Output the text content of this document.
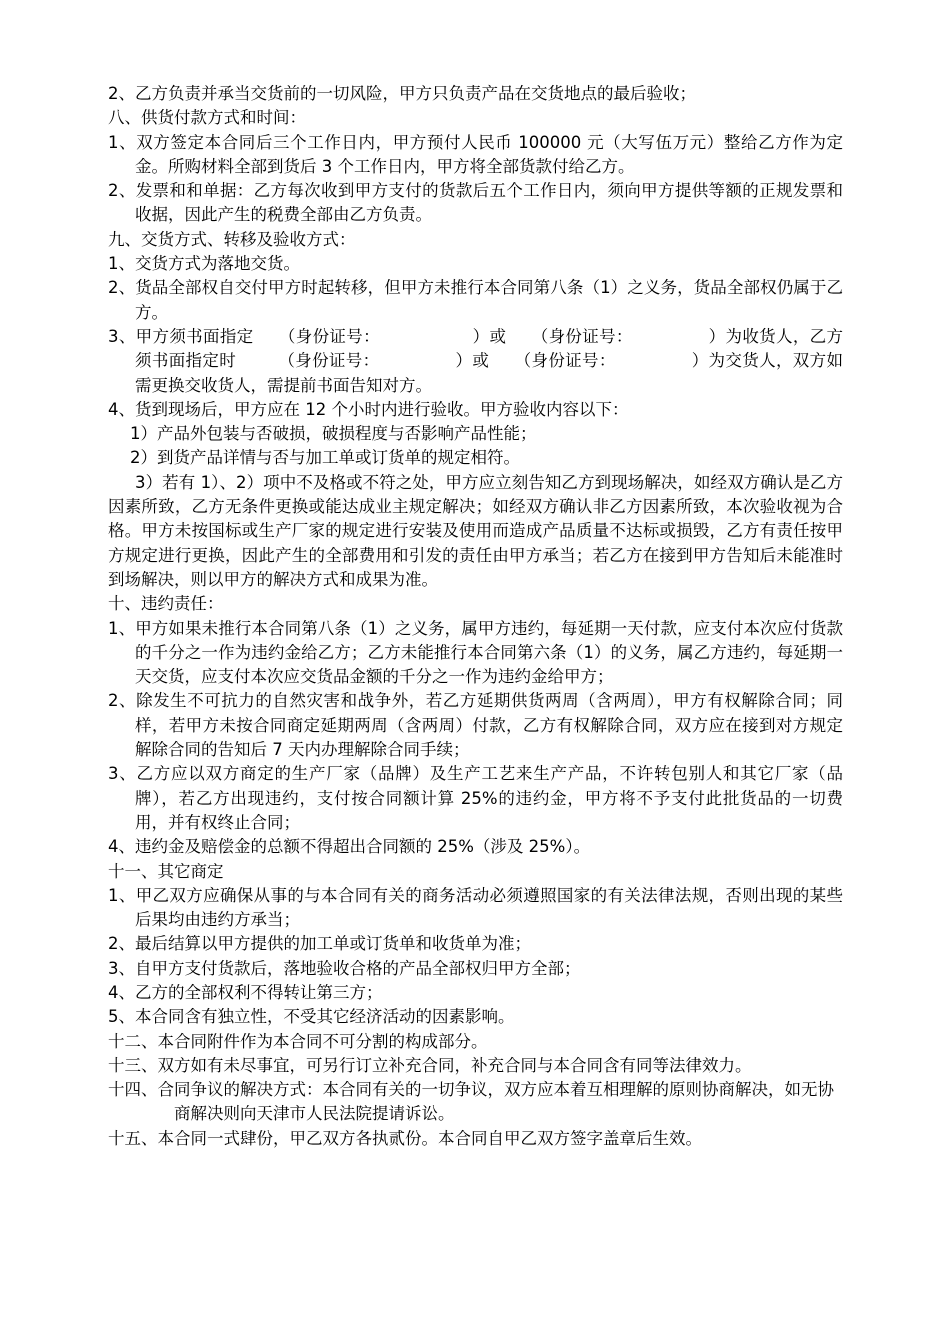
2、乙方负责并承当交货前的一切风险，甲方只负责产品在交货地点的最后验收；

八、供货付款方式和时间：

1、双方签定本合同后三个工作日内，甲方预付人民币 100000 元（大写伍万元）整给乙方作为定金。所购材料全部到货后 3 个工作日内，甲方将全部货款付给乙方。

2、发票和和单据：乙方每次收到甲方支付的货款后五个工作日内，须向甲方提供等额的正规发票和收据，因此产生的税费全部由乙方负责。

九、交货方式、转移及验收方式：

1、交货方式为落地交货。

2、货品全部权自交付甲方时起转移，但甲方未推行本合同第八条（1）之义务，货品全部权仍属于乙方。

3、甲方须书面指定　　（身份证号：　　　　　　）或　　（身份证号：　　　　　）为收货人，乙方须书面指定时　　　（身份证号：　　　　　）或　　（身份证号：　　　　　）为交货人，双方如需更换交收货人，需提前书面告知对方。

4、货到现场后，甲方应在 12 个小时内进行验收。甲方验收内容以下：

1）产品外包装与否破损，破损程度与否影响产品性能；

2）到货产品详情与否与加工单或订货单的规定相符。

3）若有 1）、2）项中不及格或不符之处，甲方应立刻告知乙方到现场解决，如经双方确认是乙方因素所致，乙方无条件更换或能达成业主规定解决；如经双方确认非乙方因素所致，本次验收视为合格。甲方未按国标或生产厂家的规定进行安装及使用而造成产品质量不达标或损毁，乙方有责任按甲方规定进行更换，因此产生的全部费用和引发的责任由甲方承当；若乙方在接到甲方告知后未能准时到场解决，则以甲方的解决方式和成果为准。

十、违约责任：

1、甲方如果未推行本合同第八条（1）之义务，属甲方违约，每延期一天付款，应支付本次应付货款的千分之一作为违约金给乙方；乙方未能推行本合同第六条（1）的义务，属乙方违约，每延期一天交货，应支付本次应交货品金额的千分之一作为违约金给甲方；

2、除发生不可抗力的自然灾害和战争外，若乙方延期供货两周（含两周），甲方有权解除合同；同样，若甲方未按合同商定延期两周（含两周）付款，乙方有权解除合同，双方应在接到对方规定解除合同的告知后 7 天内办理解除合同手续；

3、乙方应以双方商定的生产厂家（品牌）及生产工艺来生产产品，不许转包别人和其它厂家（品牌），若乙方出现违约，支付按合同额计算 25%的违约金，甲方将不予支付此批货品的一切费用，并有权终止合同；

4、违约金及赔偿金的总额不得超出合同额的 25%（涉及 25%）。

十一、其它商定

1、甲乙双方应确保从事的与本合同有关的商务活动必须遵照国家的有关法律法规，否则出现的某些后果均由违约方承当；

2、最后结算以甲方提供的加工单或订货单和收货单为准；

3、自甲方支付货款后，落地验收合格的产品全部权归甲方全部；

4、乙方的全部权利不得转让第三方；

5、本合同含有独立性，不受其它经济活动的因素影响。

十二、本合同附件作为本合同不可分割的构成部分。

十三、双方如有未尽事宜，可另行订立补充合同，补充合同与本合同含有同等法律效力。

十四、合同争议的解决方式：本合同有关的一切争议，双方应本着互相理解的原则协商解决，如无协商解决则向天津市人民法院提请诉讼。

十五、本合同一式肆份，甲乙双方各执贰份。本合同自甲乙双方签字盖章后生效。
